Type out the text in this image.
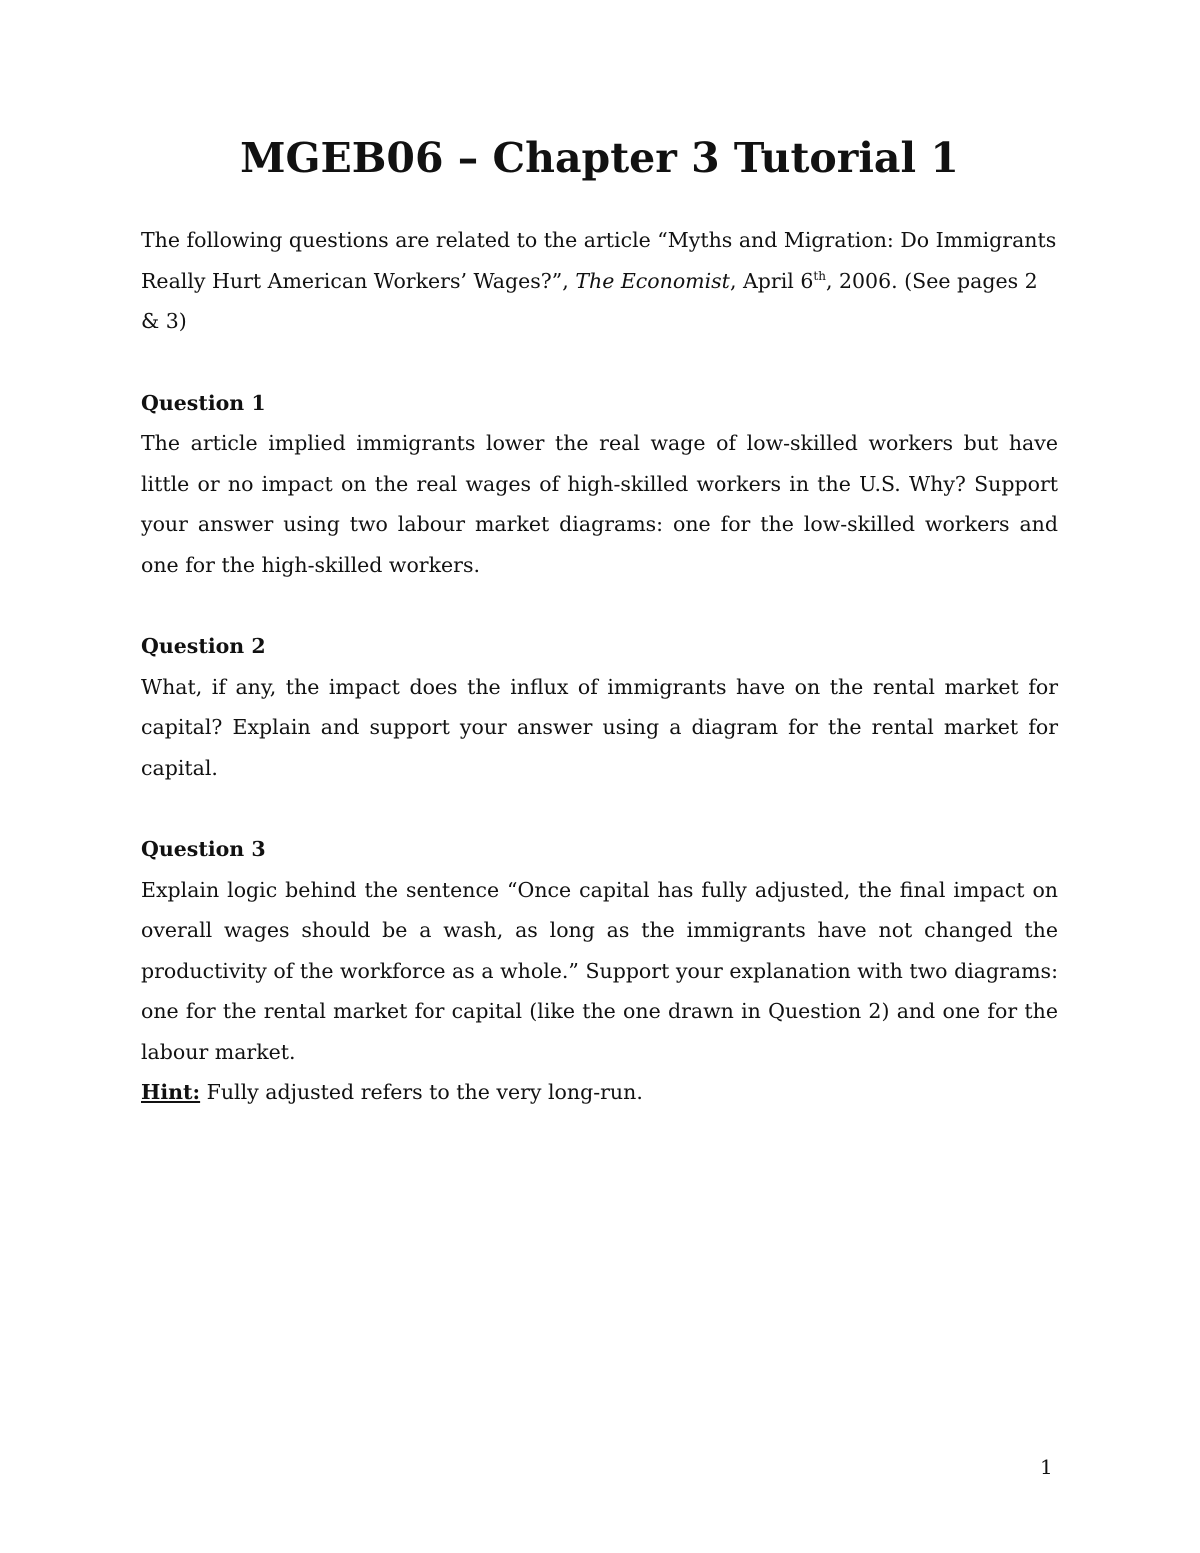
MGEB06 – Chapter 3 Tutorial 1

The following questions are related to the article “Myths and Migration: Do Immigrants Really Hurt American Workers’ Wages?”, The Economist, April 6th, 2006. (See pages 2 & 3)

Question 1

The article implied immigrants lower the real wage of low-skilled workers but have little or no impact on the real wages of high-skilled workers in the U.S. Why? Support your answer using two labour market diagrams: one for the low-skilled workers and one for the high-skilled workers.

Question 2

What, if any, the impact does the influx of immigrants have on the rental market for capital? Explain and support your answer using a diagram for the rental market for capital.

Question 3

Explain logic behind the sentence “Once capital has fully adjusted, the final impact on overall wages should be a wash, as long as the immigrants have not changed the productivity of the workforce as a whole.” Support your explanation with two diagrams: one for the rental market for capital (like the one drawn in Question 2) and one for the labour market.

Hint: Fully adjusted refers to the very long-run.

1
